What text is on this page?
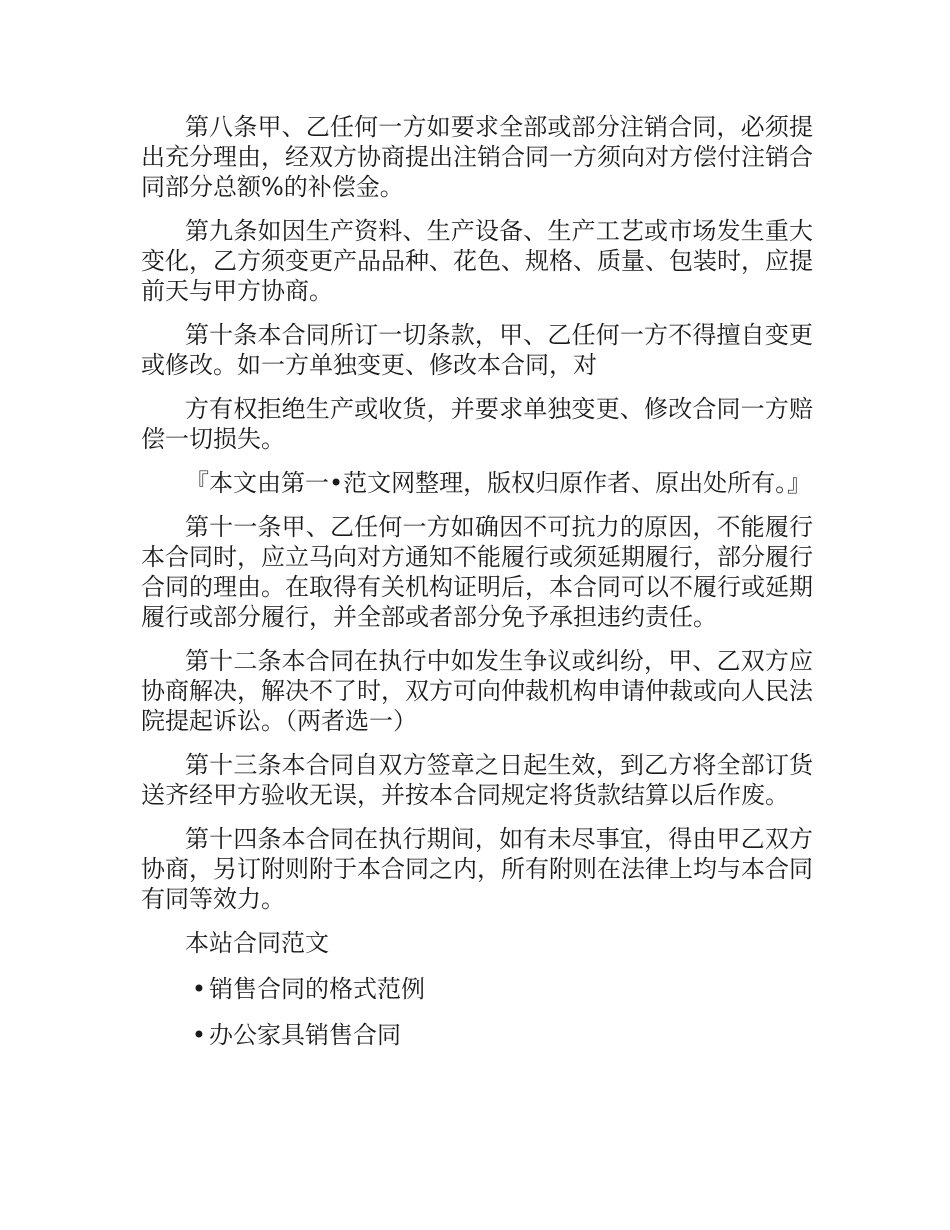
第八条甲、乙任何一方如要求全部或部分注销合同，必须提出充分理由，经双方协商提出注销合同一方须向对方偿付注销合同部分总额%的补偿金。

第九条如因生产资料、生产设备、生产工艺或市场发生重大变化，乙方须变更产品品种、花色、规格、质量、包装时，应提前天与甲方协商。

第十条本合同所订一切条款，甲、乙任何一方不得擅自变更或修改。如一方单独变更、修改本合同，对

方有权拒绝生产或收货，并要求单独变更、修改合同一方赔偿一切损失。

『本文由第一•范文网整理，版权归原作者、原出处所有。』

第十一条甲、乙任何一方如确因不可抗力的原因，不能履行本合同时，应立马向对方通知不能履行或须延期履行，部分履行合同的理由。在取得有关机构证明后，本合同可以不履行或延期履行或部分履行，并全部或者部分免予承担违约责任。

第十二条本合同在执行中如发生争议或纠纷，甲、乙双方应协商解决，解决不了时，双方可向仲裁机构申请仲裁或向人民法院提起诉讼。（两者选一）

第十三条本合同自双方签章之日起生效，到乙方将全部订货送齐经甲方验收无误，并按本合同规定将货款结算以后作废。

第十四条本合同在执行期间，如有未尽事宜，得由甲乙双方协商，另订附则附于本合同之内，所有附则在法律上均与本合同有同等效力。

本站合同范文

• 销售合同的格式范例
• 办公家具销售合同
